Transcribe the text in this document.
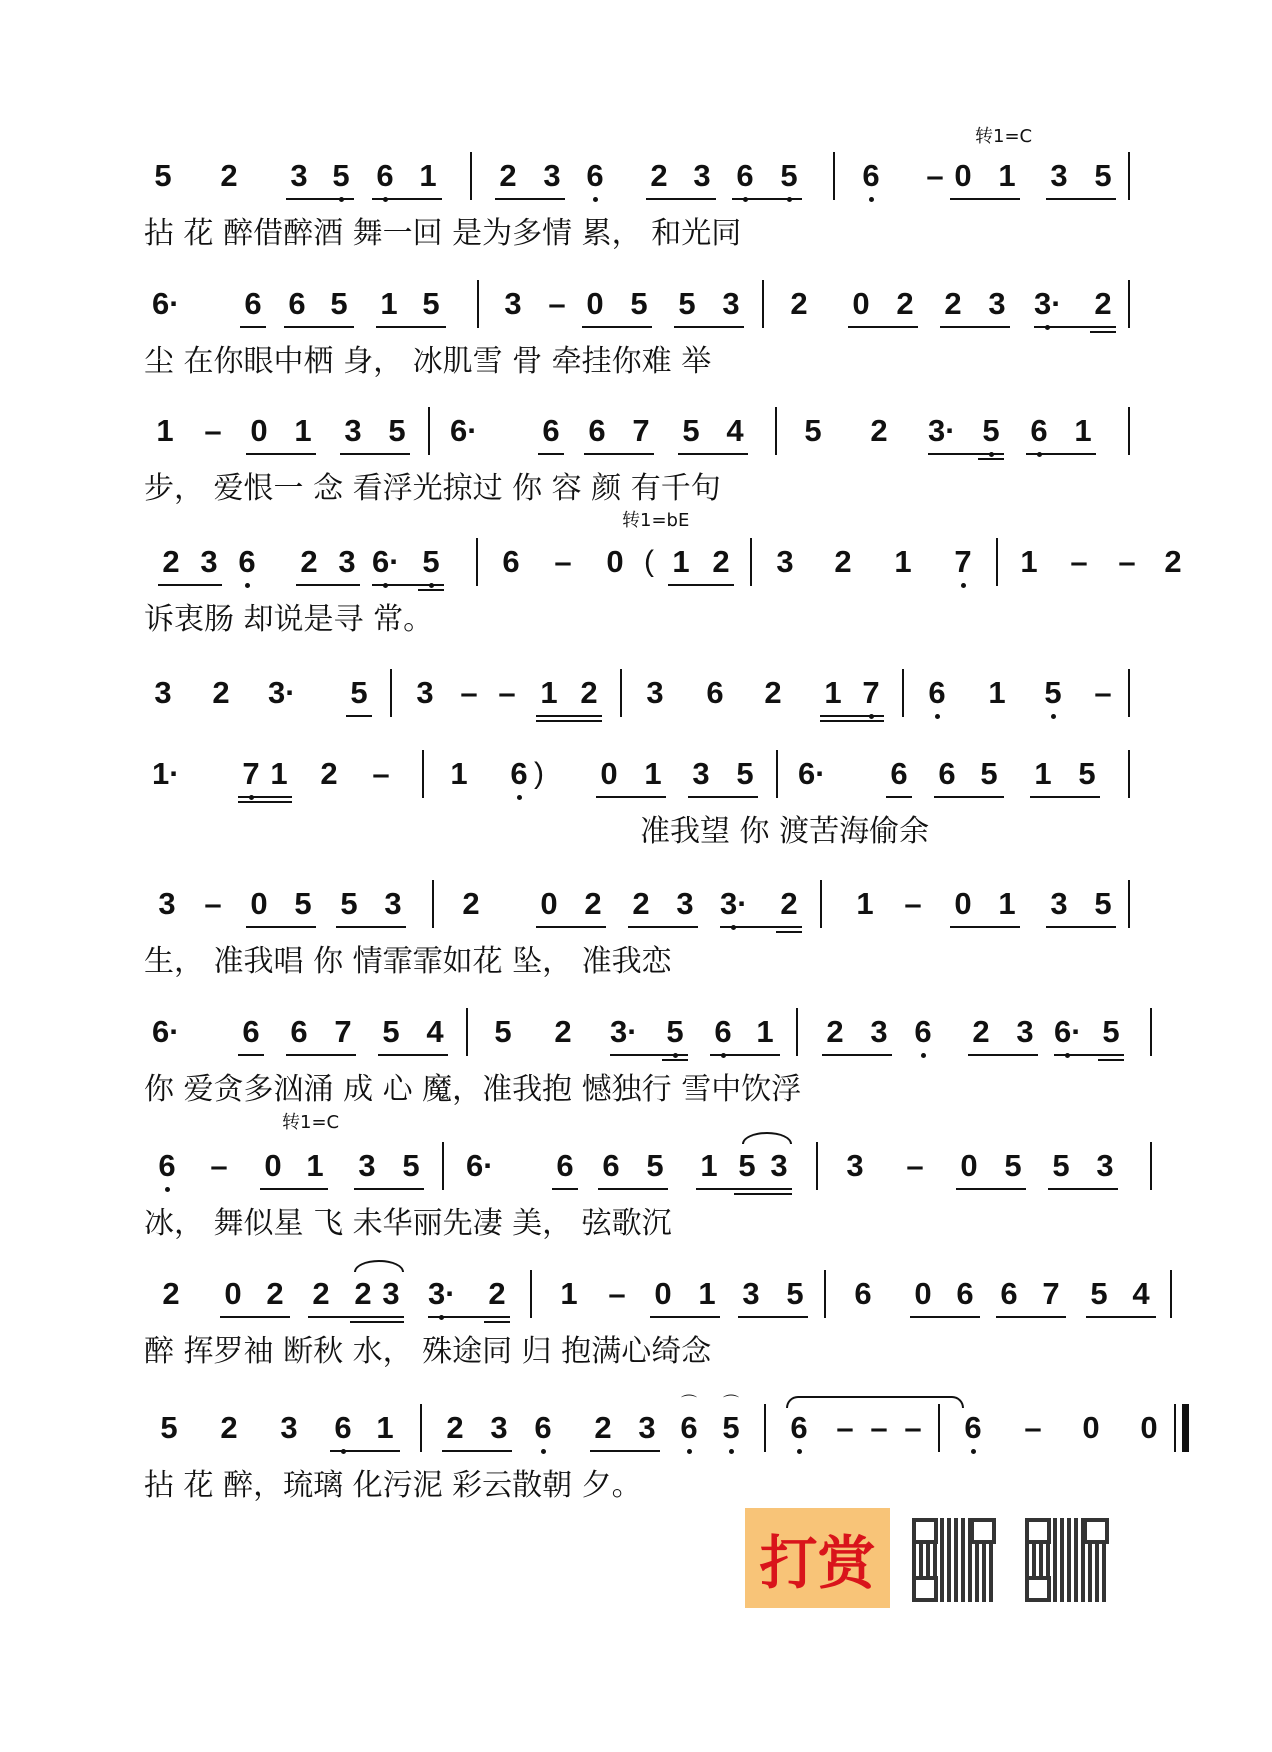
转1=C
5 2 3 5 6 1 2 3 6 2 3 6 5 6 – 0 1 3 5
拈 花 醉借醉酒 舞一回 是为多情 累， 和光同
6· 6 6 5 1 5 3 – 0 5 5 3 2 0 2 2 3 3· 2
尘 在你眼中栖 身， 冰肌雪 骨 牵挂你难 举
1 – 0 1 3 5 6· 6 6 7 5 4 5 2 3· 5 6 1
步， 爱恨一 念 看浮光掠过 你 容 颜 有千句
转1=bE
2 3 6 2 3 6· 5 6 – 0 ( 1 2 3 2 1 7 1 – – 2
诉衷肠 却说是寻 常。
3 2 3· 5 3 – – 1 2 3 6 2 1 7 6 1 5 –
1· 7 1 2 – 1 6 ) 0 1 3 5 6· 6 6 5 1 5
准我望 你 渡苦海偷余
3 – 0 5 5 3 2 0 2 2 3 3· 2 1 – 0 1 3 5
生， 准我唱 你 情霏霏如花 坠， 准我恋
6· 6 6 7 5 4 5 2 3· 5 6 1 2 3 6 2 3 6· 5
你 爱贪多汹涌 成 心 魔，准我抱 憾独行 雪中饮浮
转1=C
6 – 0 1 3 5 6· 6 6 5 1 5 3 3 – 0 5 5 3
冰， 舞似星 飞 未华丽先凄 美， 弦歌沉
2 0 2 2 2 3 3· 2 1 – 0 1 3 5 6 0 6 6 7 5 4
醉 挥罗袖 断秋 水， 殊途同 归 抱满心绮念
5 2 3 6 1 2 3 6 2 3 6 5
⌒ ⌒
6 – – – 6 – 0 0
拈 花 醉，琉璃 化污泥 彩云散朝 夕。
打赏
